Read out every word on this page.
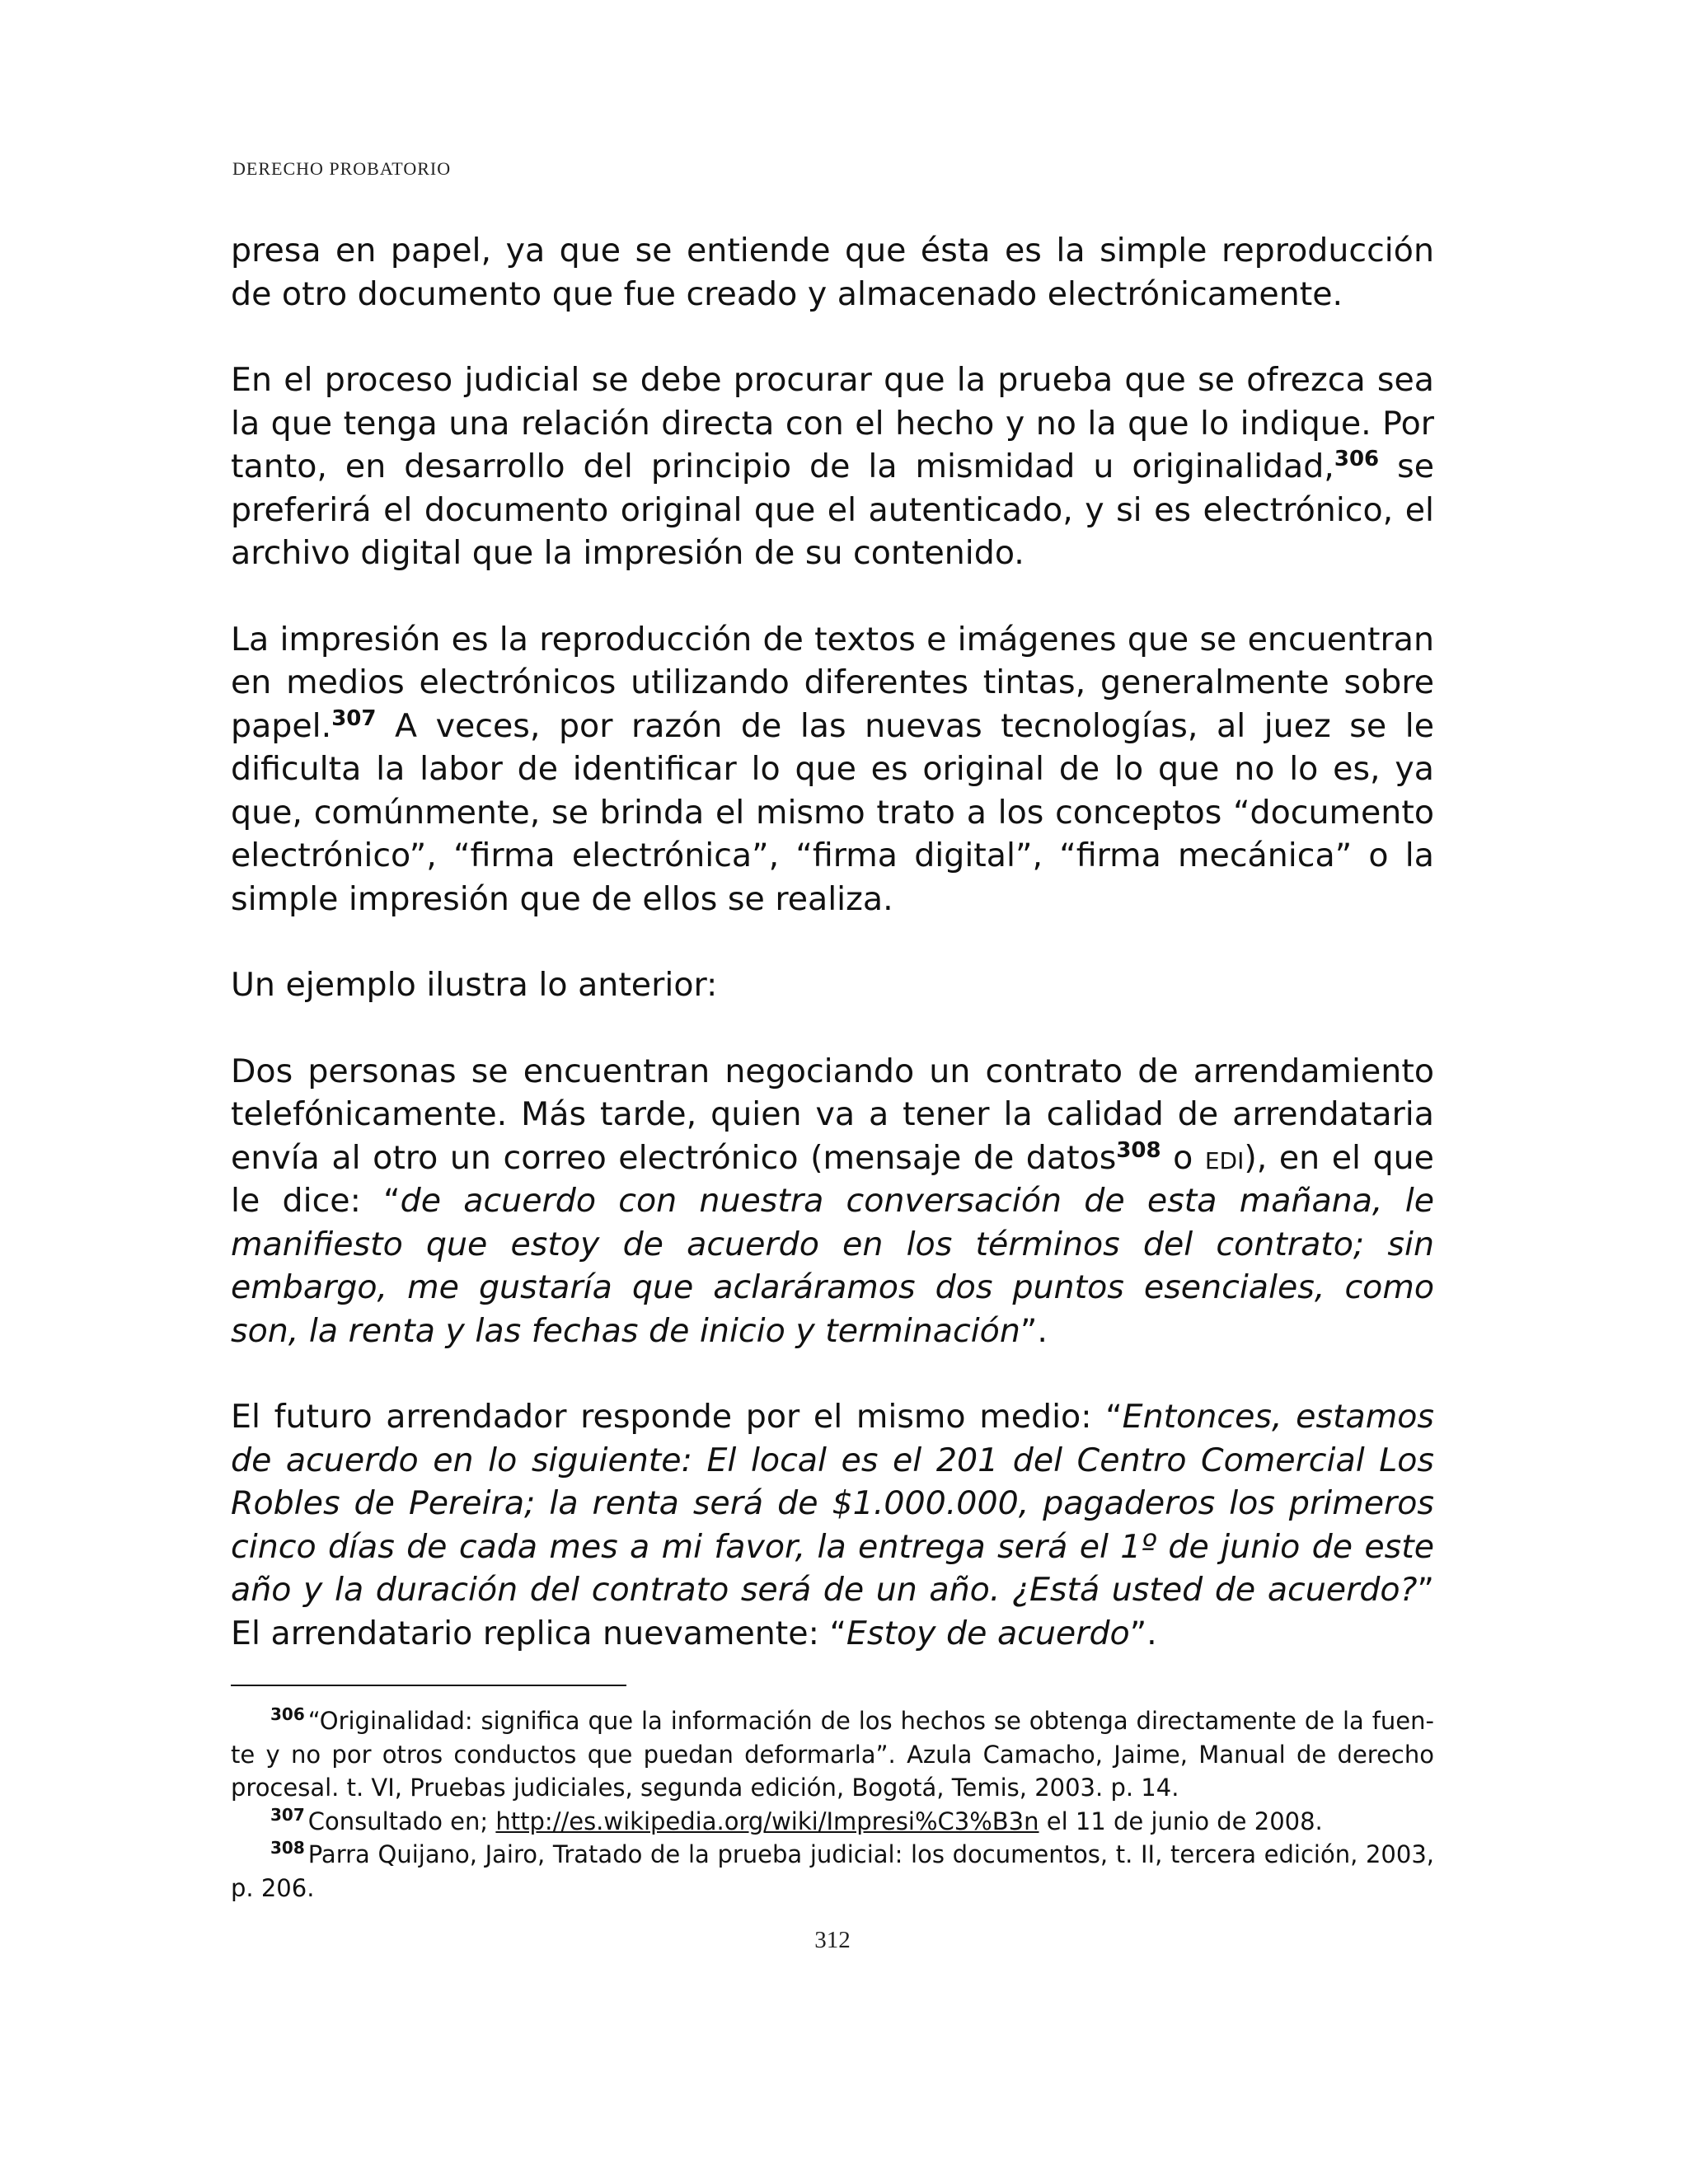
DERECHO PROBATORIO

presa en papel, ya que se entiende que ésta es la simple reproducción de otro documento que fue creado y almacenado electrónicamente.

En el proceso judicial se debe procurar que la prueba que se ofrezca sea la que tenga una relación directa con el hecho y no la que lo indique. Por tanto, en desarrollo del principio de la mismidad u originalidad,$^{306}$ se preferirá el documento original que el autenticado, y si es electrónico, el archivo digital que la impresión de su contenido.

La impresión es la reproducción de textos e imágenes que se encuentran en medios electrónicos utilizando diferentes tintas, generalmente sobre papel.$^{307}$ A veces, por razón de las nuevas tecnologías, al juez se le dificulta la labor de identificar lo que es original de lo que no lo es, ya que, comúnmente, se brinda el mismo trato a los conceptos “documento electrónico”, “firma electrónica”, “firma digital”, “firma mecánica” o la simple impresión que de ellos se realiza.

Un ejemplo ilustra lo anterior:

Dos personas se encuentran negociando un contrato de arrendamiento telefónicamente. Más tarde, quien va a tener la calidad de arrendataria envía al otro un correo electrónico (mensaje de datos$^{308}$ o edi), en el que le dice: “de acuerdo con nuestra conversación de esta mañana, le manifiesto que estoy de acuerdo en los términos del contrato; sin embargo, me gustaría que aclaráramos dos puntos esenciales, como son, la renta y las fechas de inicio y terminación”.

El futuro arrendador responde por el mismo medio: “Entonces, estamos de acuerdo en lo siguiente: El local es el 201 del Centro Comercial Los Robles de Pereira; la renta será de $1.000.000, pagaderos los primeros cinco días de cada mes a mi favor, la entrega será el 1º de junio de este año y la duración del contrato será de un año. ¿Está usted de acuerdo?” El arrendatario replica nuevamente: “Estoy de acuerdo”.

$^{306}$ “Originalidad: significa que la información de los hechos se obtenga directamente de la fuente y no por otros conductos que puedan deformarla”. Azula Camacho, Jaime, Manual de derecho procesal. t. VI, Pruebas judiciales, segunda edición, Bogotá, Temis, 2003. p. 14.

$^{307}$ Consultado en; http://es.wikipedia.org/wiki/Impresi%C3%B3n el 11 de junio de 2008.

$^{308}$ Parra Quijano, Jairo, Tratado de la prueba judicial: los documentos, t. II, tercera edición, 2003, p. 206.

312
